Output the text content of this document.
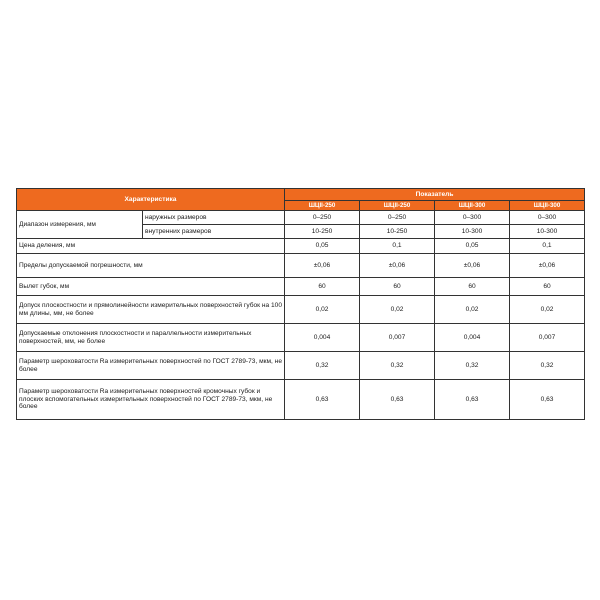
Характеристика		Показатель			
		ШЦII-250	ШЦII-250	ШЦII-300	ШЦII-300
Диапазон измерения, мм	наружных размеров	0–250	0–250	0–300	0–300
	внутренних размеров	10-250	10-250	10-300	10-300
Цена деления, мм		0,05	0,1	0,05	0,1
Пределы допускаемой погрешности, мм		±0,06	±0,06	±0,06	±0,06
Вылет губок, мм		60	60	60	60
Допуск плоскостности и прямолинейности измерительных поверхностей губок на 100 мм длины, мм, не более		0,02	0,02	0,02	0,02
Допускаемые отклонения плоскостности и параллельности измерительных поверхностей, мм, не более		0,004	0,007	0,004	0,007
Параметр шероховатости Ra измерительных поверхностей по ГОСТ 2789-73, мкм, не более		0,32	0,32	0,32	0,32
Параметр шероховатости Ra измерительных поверхностей кромочных губок и плоских вспомогательных измерительных поверхностей по ГОСТ 2789-73, мкм, не более		0,63	0,63	0,63	0,63
